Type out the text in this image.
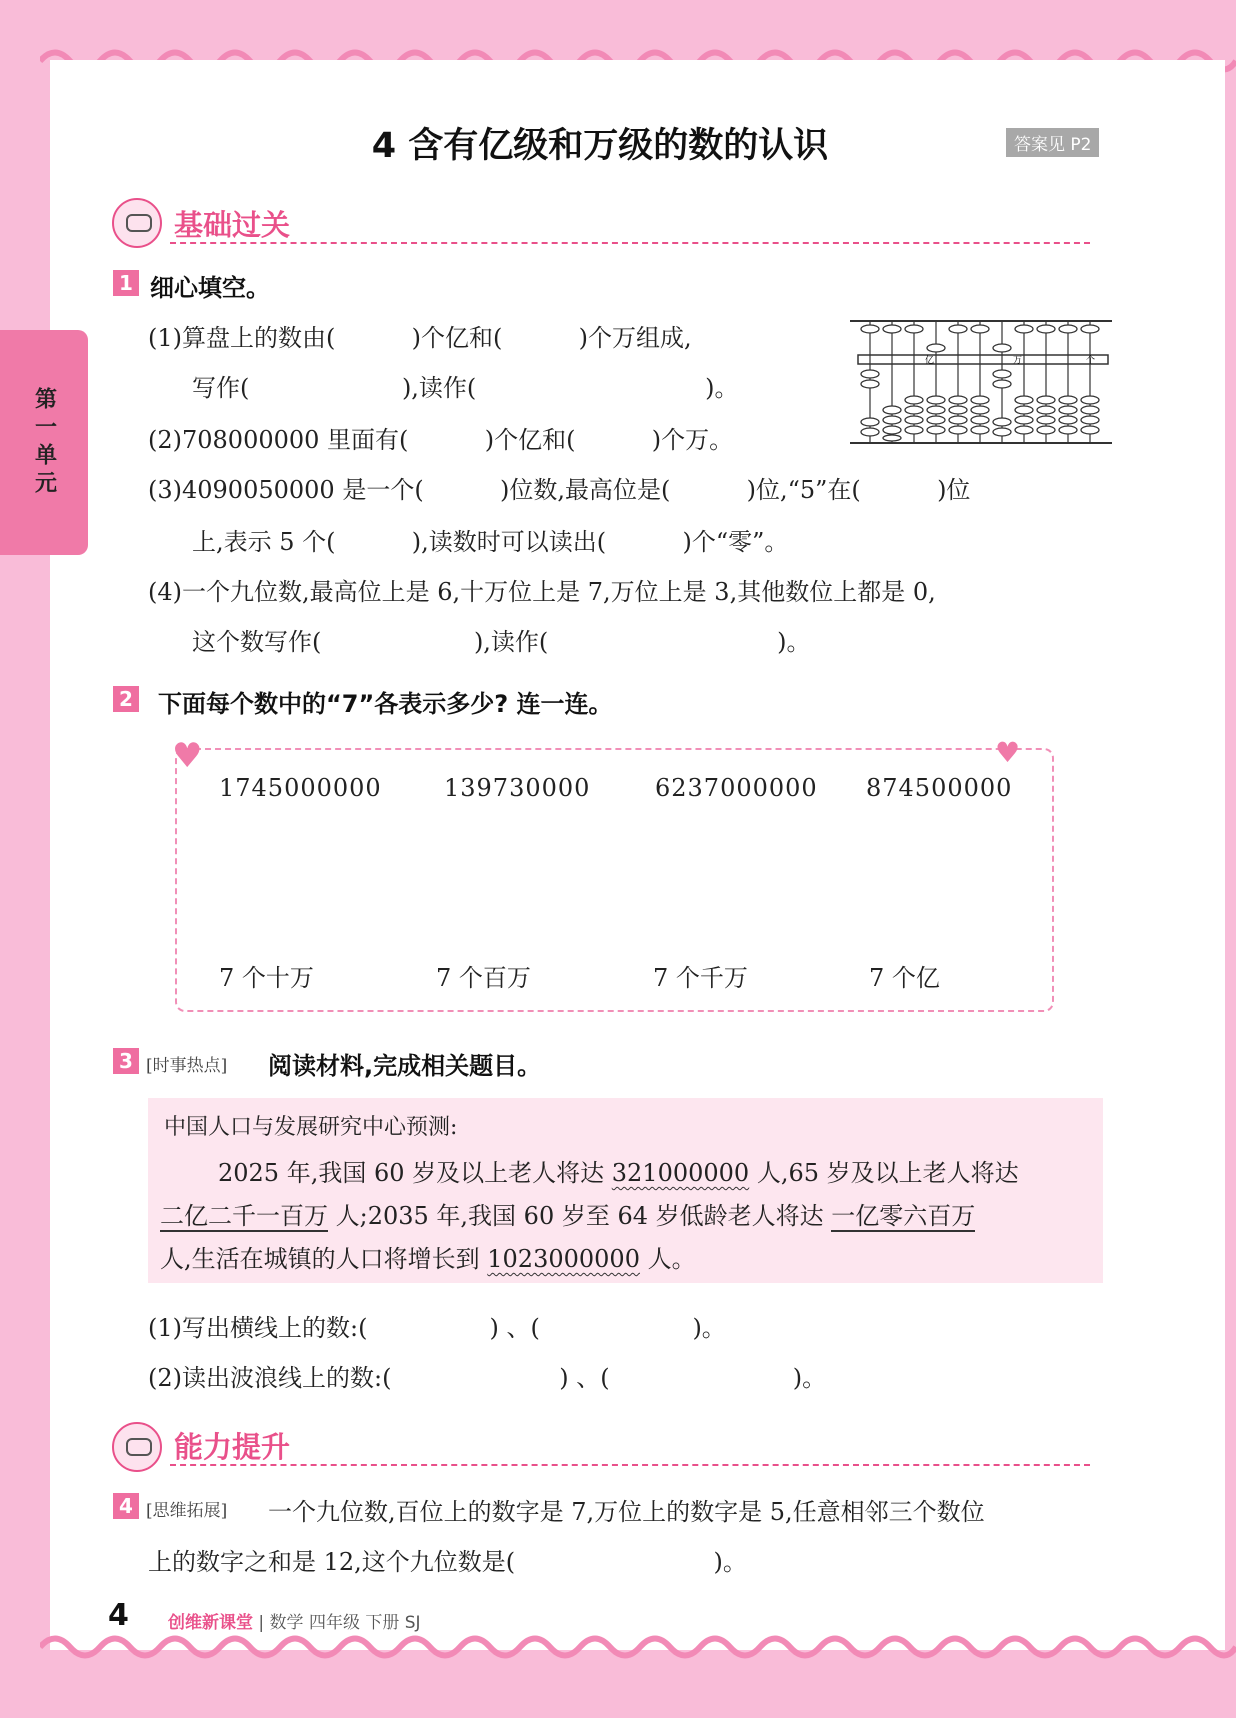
第一单元
4 含有亿级和万级的数的认识	答案见 P2
基础过关
1 细心填空。
(1)算盘上的数由(          )个亿和(          )个万组成,
写作(                    ),读作(                              )。
(2)708000000 里面有(          )个亿和(          )个万。
(3)4090050000 是一个(          )位数,最高位是(          )位,“5”在(          )位
上,表示 5 个(          ),读数时可以读出(          )个“零”。
(4)一个九位数,最高位上是 6,十万位上是 7,万位上是 3,其他数位上都是 0,
这个数写作(                    ),读作(                              )。
亿	万	个
2 下面每个数中的“7”各表示多少? 连一连。
♥	♥
1745000000	139730000	6237000000 874500000
7 个十万	7 个百万	7 个千万	7 个亿
3 [时事热点] 阅读材料,完成相关题目。
中国人口与发展研究中心预测:
2025 年,我国 60 岁及以上老人将达 321000000 人,65 岁及以上老人将达
二亿二千一百万 人;2035 年,我国 60 岁至 64 岁低龄老人将达 一亿零六百万
人,生活在城镇的人口将增长到 1023000000 人。
(1)写出横线上的数:(                ) 、(                    )。
(2)读出波浪线上的数:(                      ) 、(                        )。
能力提升
4 [思维拓展] 一个九位数,百位上的数字是 7,万位上的数字是 5,任意相邻三个数位
上的数字之和是 12,这个九位数是(                          )。
4 创维新课堂 | 数学 四年级 下册 SJ
